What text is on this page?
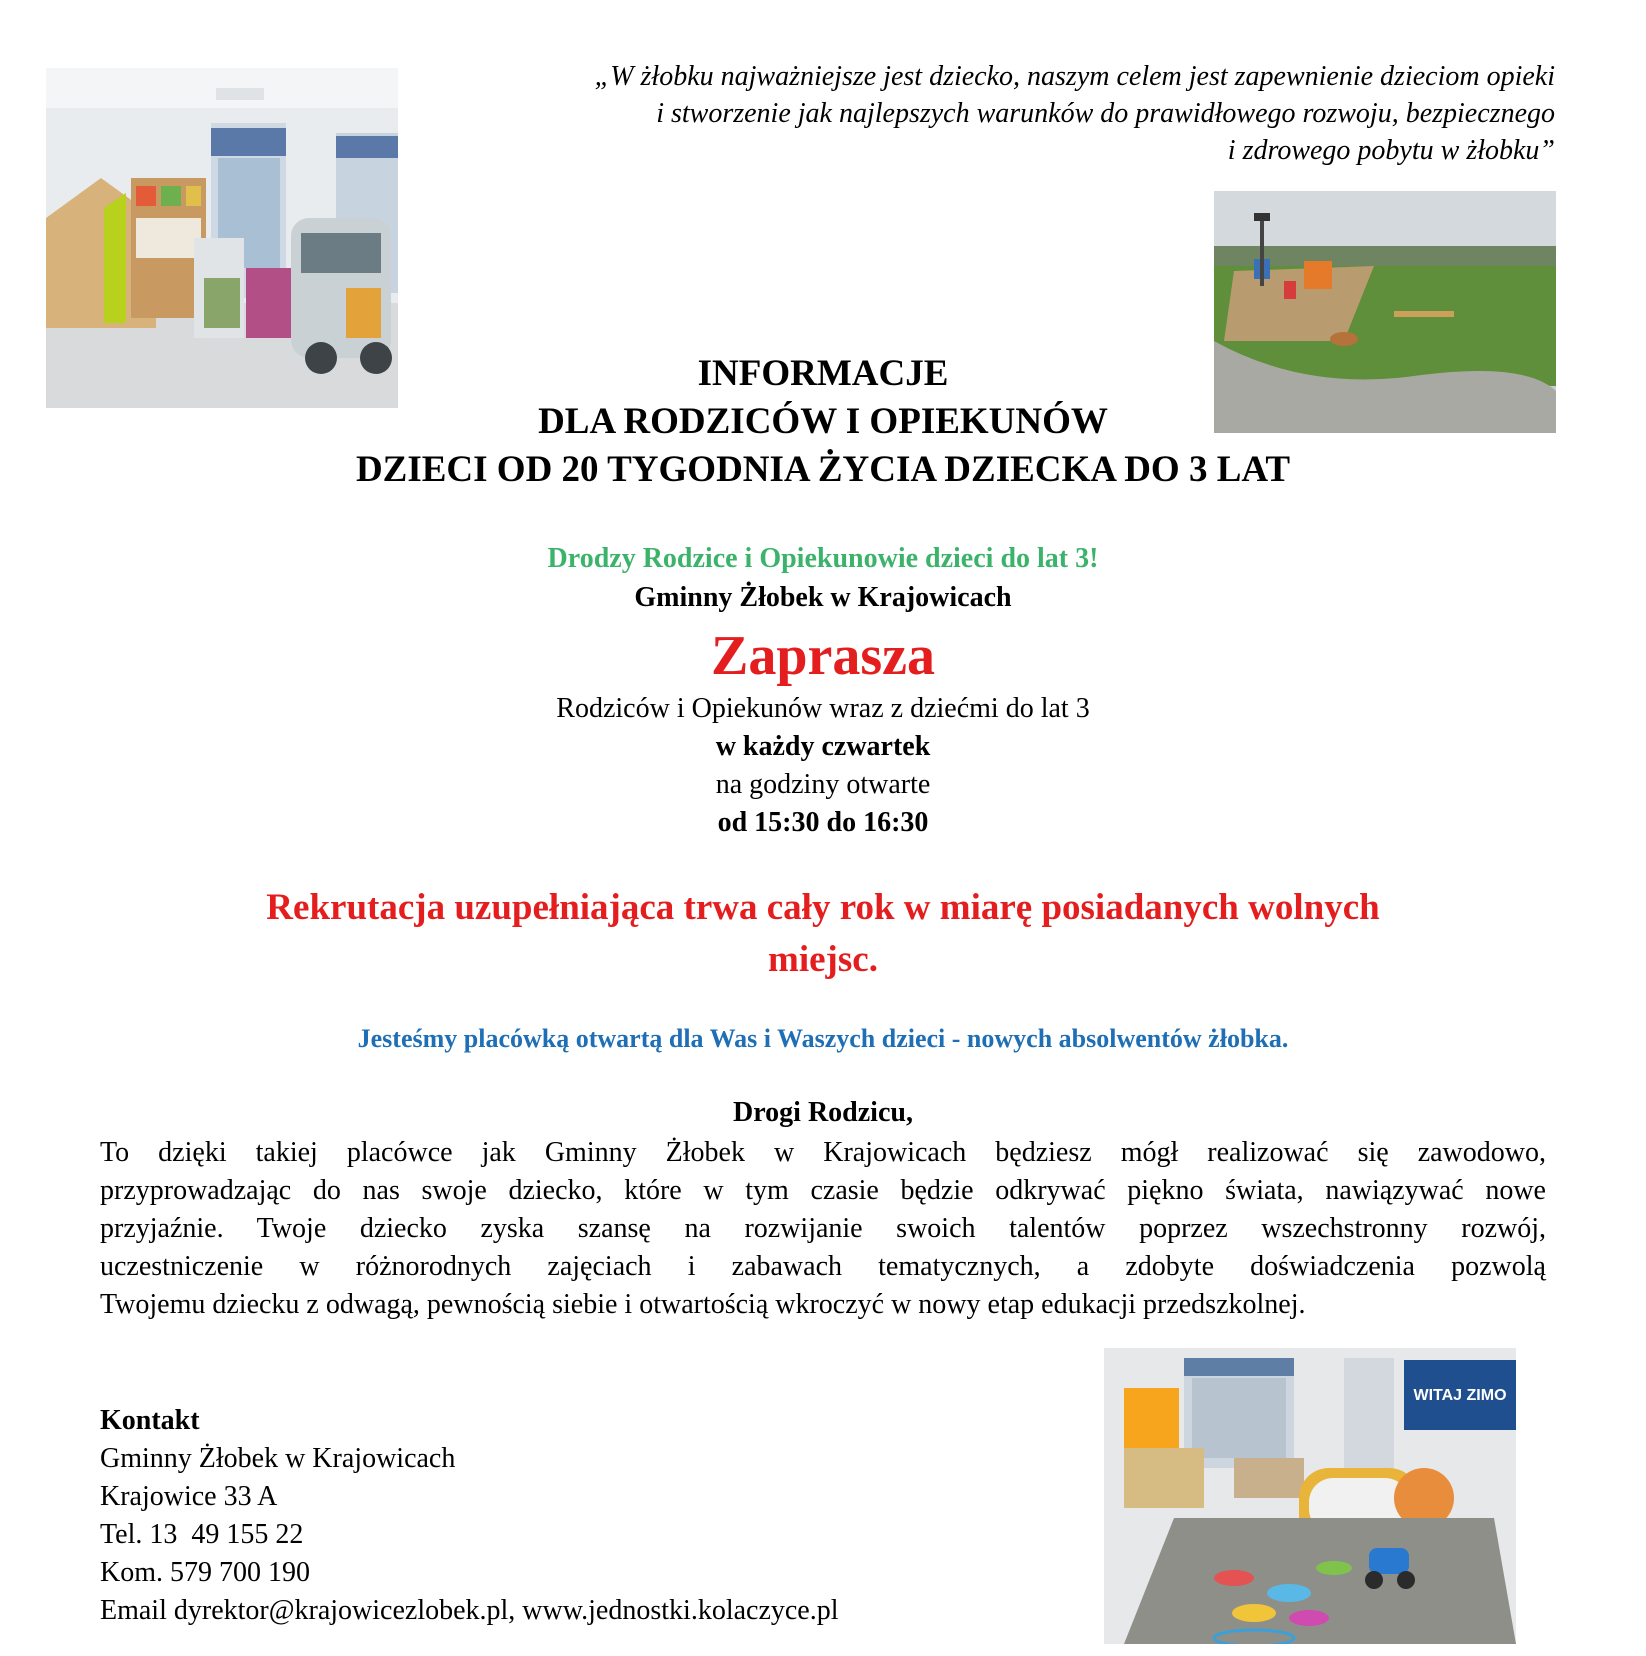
„W żłobku najważniejsze jest dziecko, naszym celem jest zapewnienie dzieciom opieki
i stworzenie jak najlepszych warunków do prawidłowego rozwoju, bezpiecznego
i zdrowego pobytu w żłobku”
INFORMACJE
DLA RODZICÓW I OPIEKUNÓW
DZIECI OD 20 TYGODNIA ŻYCIA DZIECKA DO 3 LAT
Drodzy Rodzice i Opiekunowie dzieci do lat 3!
Gminny Żłobek w Krajowicach
Zaprasza
Rodziców i Opiekunów wraz z dziećmi do lat 3
w każdy czwartek
na godziny otwarte
od 15:30 do 16:30
Rekrutacja uzupełniająca trwa cały rok w miarę posiadanych wolnych
miejsc.
Jesteśmy placówką otwartą dla Was i Waszych dzieci - nowych absolwentów żłobka.
Drogi Rodzicu,
To dzięki takiej placówce jak Gminny Żłobek w Krajowicach będziesz mógł realizować się zawodowo,
przyprowadzając do nas swoje dziecko, które w tym czasie będzie odkrywać piękno świata, nawiązywać nowe
przyjaźnie. Twoje dziecko zyska szansę na rozwijanie swoich talentów poprzez wszechstronny rozwój,
uczestniczenie w różnorodnych zajęciach i zabawach tematycznych, a zdobyte doświadczenia pozwolą
Twojemu dziecku z odwagą, pewnością siebie i otwartością wkroczyć w nowy etap edukacji przedszkolnej.
Kontakt
Gminny Żłobek w Krajowicach
Krajowice 33 A
Tel. 13  49 155 22
Kom. 579 700 190
Email dyrektor@krajowicezlobek.pl, www.jednostki.kolaczyce.pl
WITAJ ZIMO
